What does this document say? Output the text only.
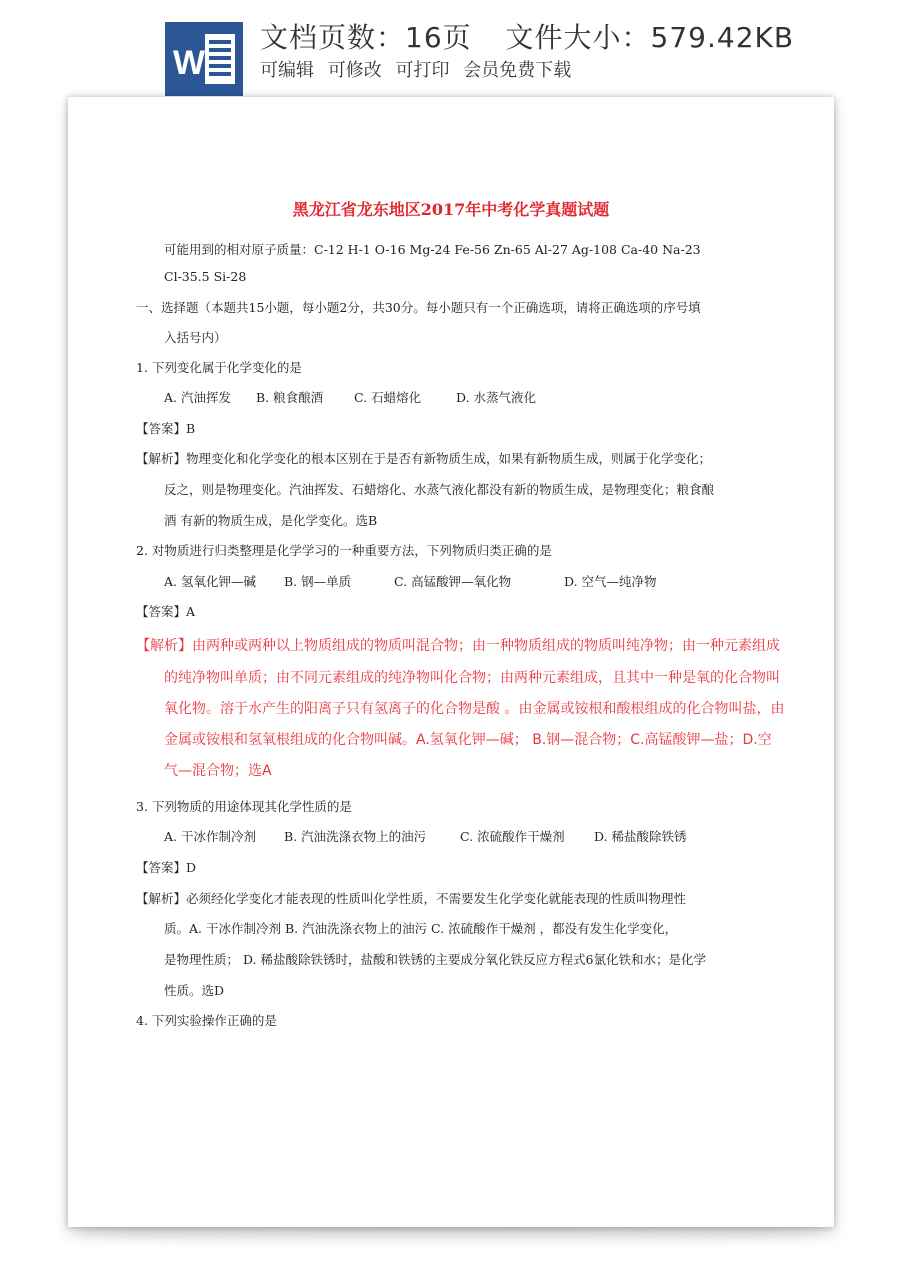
W
文档页数：16页 文件大小：579.42KB
可编辑 可修改 可打印 会员免费下载
黑龙江省龙东地区2017年中考化学真题试题
可能用到的相对原子质量：C-12 H-1 O-16 Mg-24 Fe-56 Zn-65 Al-27 Ag-108 Ca-40 Na-23
Cl-35.5 Si-28
一、选择题（本题共15小题，每小题2分，共30分。每小题只有一个正确选项，请将正确选项的序号填
入括号内）
1. 下列变化属于化学变化的是
A. 汽油挥发 B. 粮食酿酒 C. 石蜡熔化	D. 水蒸气液化
【答案】B
【解析】物理变化和化学变化的根本区别在于是否有新物质生成，如果有新物质生成，则属于化学变化；
反之，则是物理变化。汽油挥发、石蜡熔化、水蒸气液化都没有新的物质生成，是物理变化；粮食酿
酒 有新的物质生成，是化学变化。选B
2. 对物质进行归类整理是化学学习的一种重要方法，下列物质归类正确的是
A. 氢氧化钾—碱 B. 钢—单质	C. 高锰酸钾—氧化物	D. 空气—纯净物
【答案】A
【解析】由两种或两种以上物质组成的物质叫混合物；由一种物质组成的物质叫纯净物；由一种元素组成
的纯净物叫单质；由不同元素组成的纯净物叫化合物；由两种元素组成，且其中一种是氧的化合物叫
氧化物。溶于水产生的阳离子只有氢离子的化合物是酸 。由金属或铵根和酸根组成的化合物叫盐，由
金属或铵根和氢氧根组成的化合物叫碱。A.氢氧化钾—碱； B.钢—混合物；C.高锰酸钾—盐；D.空
气—混合物；选A
3. 下列物质的用途体现其化学性质的是
A. 干冰作制冷剂 B. 汽油洗涤衣物上的油污	C. 浓硫酸作干燥剂 D. 稀盐酸除铁锈
【答案】D
【解析】必须经化学变化才能表现的性质叫化学性质，不需要发生化学变化就能表现的性质叫物理性
质。A. 干冰作制冷剂 B. 汽油洗涤衣物上的油污 C. 浓硫酸作干燥剂 ，都没有发生化学变化，
是物理性质； D. 稀盐酸除铁锈时，盐酸和铁锈的主要成分氧化铁反应方程式6氯化铁和水；是化学
性质。选D
4. 下列实验操作正确的是
